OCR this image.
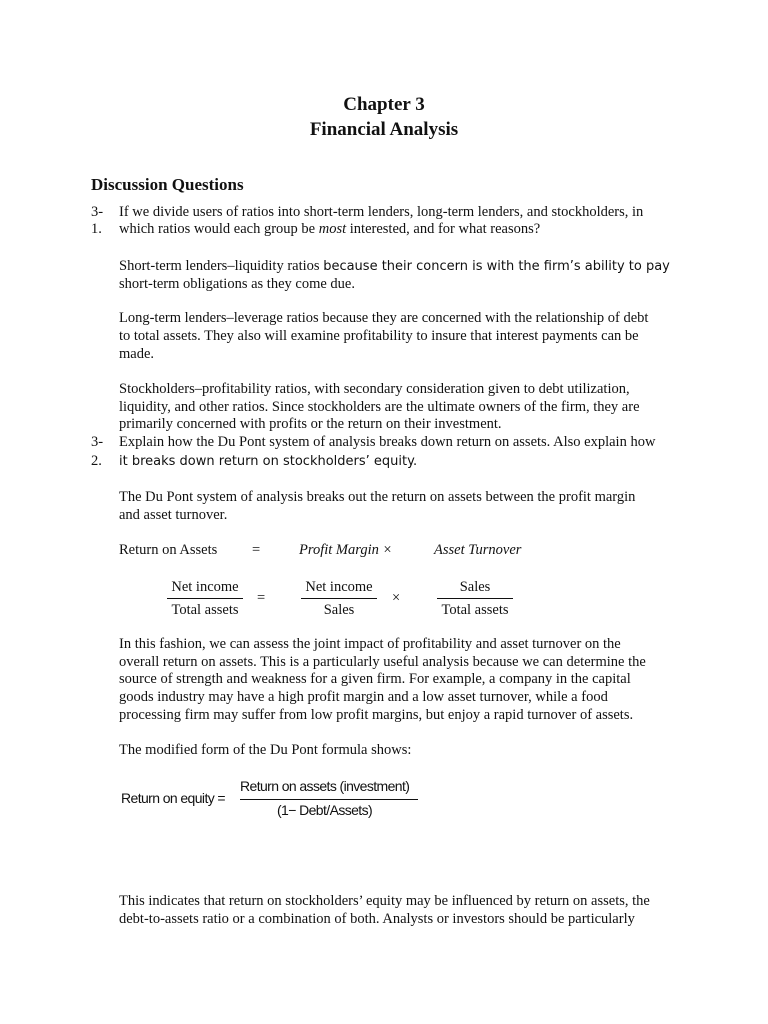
Chapter 3
Financial Analysis
Discussion Questions
3-
1.
If we divide users of ratios into short-term lenders, long-term lenders, and stockholders, in
which ratios would each group be most interested, and for what reasons?
Short-term lenders–liquidity ratios because their concern is with the firm’s ability to pay
short-term obligations as they come due.
Long-term lenders–leverage ratios because they are concerned with the relationship of debt
to total assets. They also will examine profitability to insure that interest payments can be
made.
Stockholders–profitability ratios, with secondary consideration given to debt utilization,
liquidity, and other ratios. Since stockholders are the ultimate owners of the firm, they are
primarily concerned with profits or the return on their investment.
3-
2.
Explain how the Du Pont system of analysis breaks down return on assets. Also explain how
it breaks down return on stockholders’ equity.
The Du Pont system of analysis breaks out the return on assets between the profit margin
and asset turnover.
Return on Assets =	Profit Margin ×	Asset Turnover
Net income
Total assets
=
Net income
Sales
×
Sales
Total assets
In this fashion, we can assess the joint impact of profitability and asset turnover on the
overall return on assets. This is a particularly useful analysis because we can determine the
source of strength and weakness for a given firm. For example, a company in the capital
goods industry may have a high profit margin and a low asset turnover, while a food
processing firm may suffer from low profit margins, but enjoy a rapid turnover of assets.
The modified form of the Du Pont formula shows:
Return on equity =
Return on assets (investment)
(1− Debt/Assets)
This indicates that return on stockholders’ equity may be influenced by return on assets, the
debt-to-assets ratio or a combination of both. Analysts or investors should be particularly
